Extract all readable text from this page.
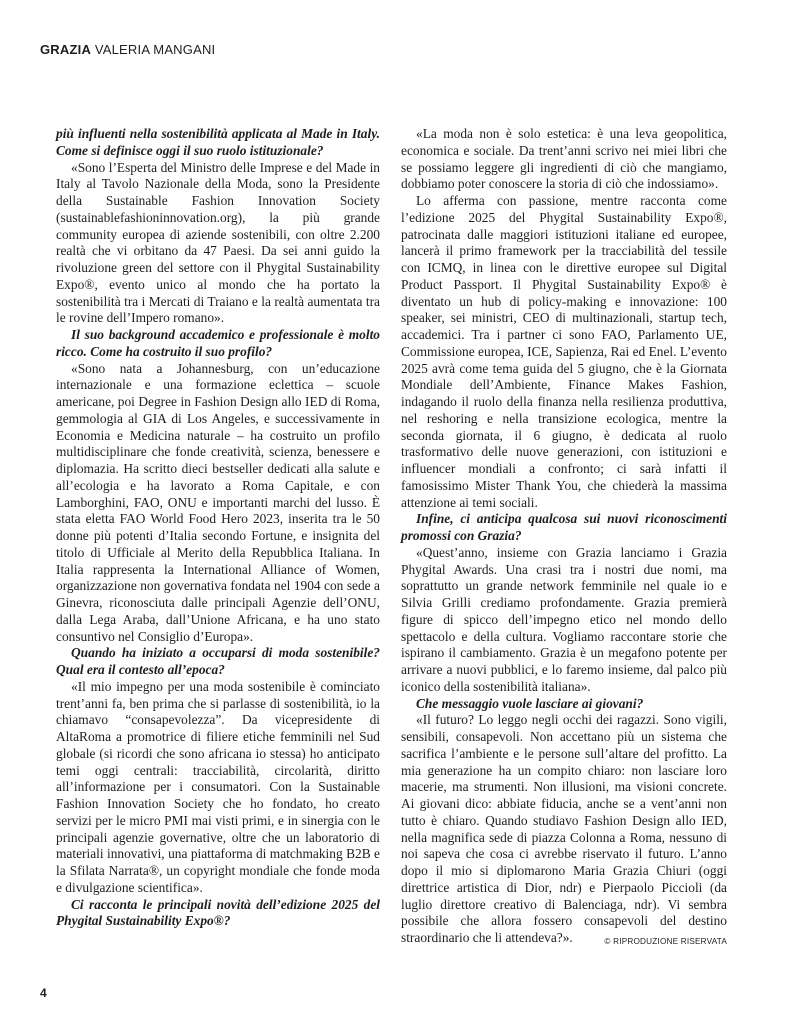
GRAZIA VALERIA MANGANI

più influenti nella sostenibilità applicata al Made in Italy. Come si definisce oggi il suo ruolo istituzionale?

«Sono l’Esperta del Ministro delle Imprese e del Made in Italy al Tavolo Nazionale della Moda, sono la Presidente della Sustainable Fashion Innovation Society (sustainablefashioninnovation.org), la più grande community europea di aziende sostenibili, con oltre 2.200 realtà che vi orbitano da 47 Paesi. Da sei anni guido la rivoluzione green del settore con il Phygital Sustainability Expo®, evento unico al mondo che ha portato la sostenibilità tra i Mercati di Traiano e la realtà aumentata tra le rovine dell’Impero romano».

Il suo background accademico e professionale è molto ricco. Come ha costruito il suo profilo?

«Sono nata a Johannesburg, con un’educazione internazionale e una formazione eclettica – scuole americane, poi Degree in Fashion Design allo IED di Roma, gemmologia al GIA di Los Angeles, e successivamente in Economia e Medicina naturale – ha costruito un profilo multidisciplinare che fonde creatività, scienza, benessere e diplomazia. Ha scritto dieci bestseller dedicati alla salute e all’ecologia e ha lavorato a Roma Capitale, e con Lamborghini, FAO, ONU e importanti marchi del lusso. È stata eletta FAO World Food Hero 2023, inserita tra le 50 donne più potenti d’Italia secondo Fortune, e insignita del titolo di Ufficiale al Merito della Repubblica Italiana. In Italia rappresenta la International Alliance of Women, organizzazione non governativa fondata nel 1904 con sede a Ginevra, riconosciuta dalle principali Agenzie dell’ONU, dalla Lega Araba, dall’Unione Africana, e ha uno stato consuntivo nel Consiglio d’Europa».

Quando ha iniziato a occuparsi di moda sostenibile? Qual era il contesto all’epoca?

«Il mio impegno per una moda sostenibile è cominciato trent’anni fa, ben prima che si parlasse di sostenibilità, io la chiamavo “consapevolezza”. Da vicepresidente di AltaRoma a promotrice di filiere etiche femminili nel Sud globale (si ricordi che sono africana io stessa) ho anticipato temi oggi centrali: tracciabilità, circolarità, diritto all’informazione per i consumatori. Con la Sustainable Fashion Innovation Society che ho fondato, ho creato servizi per le micro PMI mai visti primi, e in sinergia con le principali agenzie governative, oltre che un laboratorio di materiali innovativi, una piattaforma di matchmaking B2B e la Sfilata Narrata®, un copyright mondiale che fonde moda e divulgazione scientifica».

Ci racconta le principali novità dell’edizione 2025 del Phygital Sustainability Expo®?

«La moda non è solo estetica: è una leva geopolitica, economica e sociale. Da trent’anni scrivo nei miei libri che se possiamo leggere gli ingredienti di ciò che mangiamo, dobbiamo poter conoscere la storia di ciò che indossiamo».

Lo afferma con passione, mentre racconta come l’edizione 2025 del Phygital Sustainability Expo®, patrocinata dalle maggiori istituzioni italiane ed europee, lancerà il primo framework per la tracciabilità del tessile con ICMQ, in linea con le direttive europee sul Digital Product Passport. Il Phygital Sustainability Expo® è diventato un hub di policy-making e innovazione: 100 speaker, sei ministri, CEO di multinazionali, startup tech, accademici. Tra i partner ci sono FAO, Parlamento UE, Commissione europea, ICE, Sapienza, Rai ed Enel. L’evento 2025 avrà come tema guida del 5 giugno, che è la Giornata Mondiale dell’Ambiente, Finance Makes Fashion, indagando il ruolo della finanza nella resilienza produttiva, nel reshoring e nella transizione ecologica, mentre la seconda giornata, il 6 giugno, è dedicata al ruolo trasformativo delle nuove generazioni, con istituzioni e influencer mondiali a confronto; ci sarà infatti il famosissimo Mister Thank You, che chiederà la massima attenzione ai temi sociali.

Infine, ci anticipa qualcosa sui nuovi riconoscimenti promossi con Grazia?

«Quest’anno, insieme con Grazia lanciamo i Grazia Phygital Awards. Una crasi tra i nostri due nomi, ma soprattutto un grande network femminile nel quale io e Silvia Grilli crediamo profondamente. Grazia premierà figure di spicco dell’impegno etico nel mondo dello spettacolo e della cultura. Vogliamo raccontare storie che ispirano il cambiamento. Grazia è un megafono potente per arrivare a nuovi pubblici, e lo faremo insieme, dal palco più iconico della sostenibilità italiana».

Che messaggio vuole lasciare ai giovani?

«Il futuro? Lo leggo negli occhi dei ragazzi. Sono vigili, sensibili, consapevoli. Non accettano più un sistema che sacrifica l’ambiente e le persone sull’altare del profitto. La mia generazione ha un compito chiaro: non lasciare loro macerie, ma strumenti. Non illusioni, ma visioni concrete. Ai giovani dico: abbiate fiducia, anche se a vent’anni non tutto è chiaro. Quando studiavo Fashion Design allo IED, nella magnifica sede di piazza Colonna a Roma, nessuno di noi sapeva che cosa ci avrebbe riservato il futuro. L’anno dopo il mio si diplomarono Maria Grazia Chiuri (oggi direttrice artistica di Dior, ndr) e Pierpaolo Piccioli (da luglio direttore creativo di Balenciaga, ndr). Vi sembra possibile che allora fossero consapevoli del destino straordinario che li attendeva?».	© RIPRODUZIONE RISERVATA

4
